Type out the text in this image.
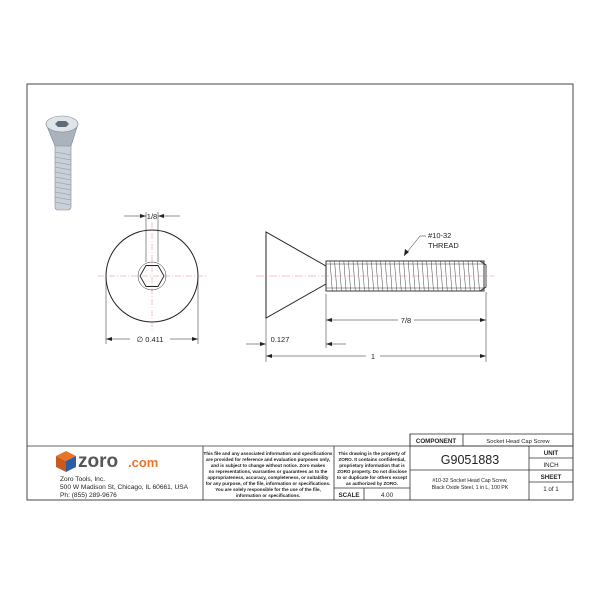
1/8
∅ 0.411
#10-32
THREAD
0.127
7/8
1
zoro .com
Zoro Tools, Inc.
500 W Madison St, Chicago, IL 60661, USA
Ph: (855) 289-9676
This file and any associated information and specifications
are provided for reference and evaluation purposes only,
and is subject to change without notice. Zoro makes
no representations, warranties or guarantees as to the
appropriateness, accuracy, completeness, or suitability
for any purpose, of the file, information or specifications.
You are solely responsible for the use of the file,
information or specifications.
This drawing is the property of
ZORO. It contains confidential,
proprietary information that is
ZORO property. Do not disclose
to or duplicate for others except
as authorized by ZORO.
SCALE	4.00
COMPONENT	Socket Head Cap Screw
G9051883
#10-32 Socket Head Cap Screw,
Black Oxide Steel, 1 in L, 100 PK
UNIT
INCH
SHEET
1 of 1
